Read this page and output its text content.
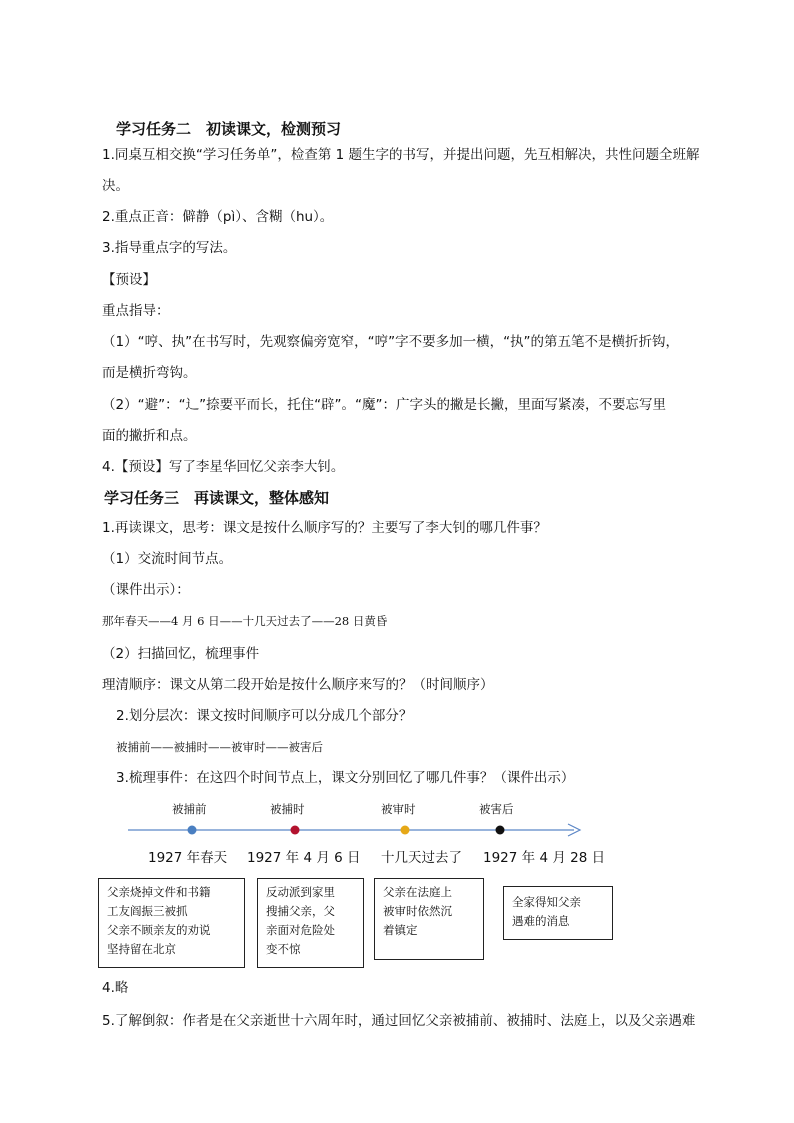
学习任务二　初读课文，检测预习
1.同桌互相交换“学习任务单”，检查第 1 题生字的书写，并提出问题，先互相解决，共性问题全班解
决。
2.重点正音：僻静（pì）、含糊（hu）。
3.指导重点字的写法。
【预设】
重点指导：
（1）“哼、执”在书写时，先观察偏旁宽窄，“哼”字不要多加一横，“执”的第五笔不是横折折钩，
而是横折弯钩。
（2）“避”：“辶”捺要平而长，托住“辟”。“魔”：广字头的撇是长撇，里面写紧凑，不要忘写里
面的撇折和点。
4.【预设】写了李星华回忆父亲李大钊。
学习任务三　再读课文，整体感知
1.再读课文，思考：课文是按什么顺序写的？主要写了李大钊的哪几件事？
（1）交流时间节点。
（课件出示）：
那年春天——4 月 6 日——十几天过去了——28 日黄昏
（2）扫描回忆，梳理事件
理清顺序：课文从第二段开始是按什么顺序来写的？（时间顺序）
2.划分层次：课文按时间顺序可以分成几个部分？
被捕前——被捕时——被审时——被害后
3.梳理事件：在这四个时间节点上，课文分别回忆了哪几件事？（课件出示）
被捕前	被捕时	被审时	被害后
1927 年春天 1927 年 4 月 6 日 十几天过去了 1927 年 4 月 28 日
父亲烧掉文件和书籍
工友阎振三被抓
父亲不顾亲友的劝说
坚持留在北京
反动派到家里
搜捕父亲，父
亲面对危险处
变不惊
父亲在法庭上
被审时依然沉
着镇定
全家得知父亲
遇难的消息
4.略
5.了解倒叙：作者是在父亲逝世十六周年时，通过回忆父亲被捕前、被捕时、法庭上，以及父亲遇难
